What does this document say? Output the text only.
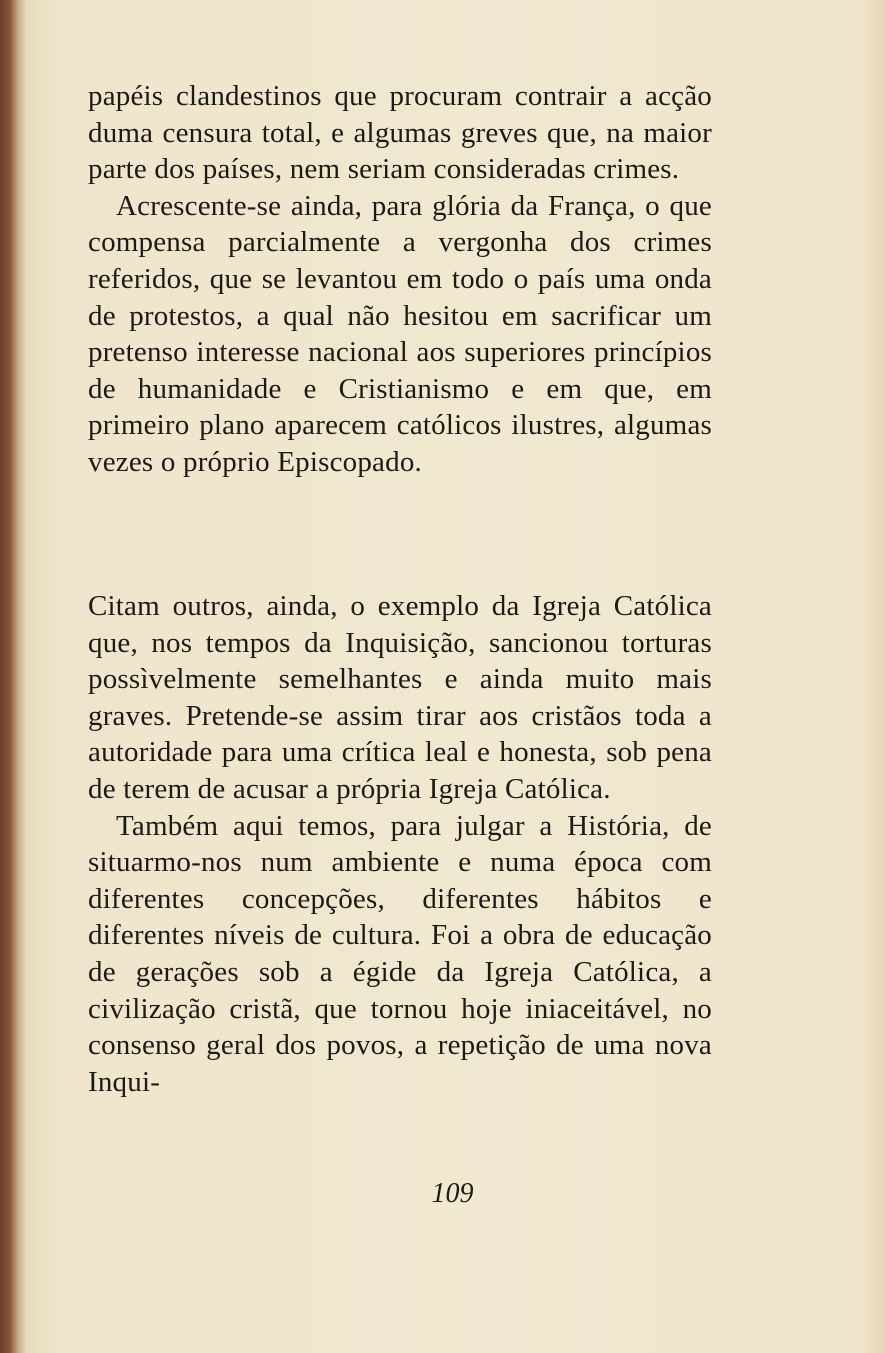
papéis clandestinos que procuram contrair a acção duma censura total, e algumas greves que, na maior parte dos países, nem seriam consideradas crimes.

Acrescente-se ainda, para glória da França, o que compensa parcialmente a vergonha dos crimes referidos, que se levantou em todo o país uma onda de protestos, a qual não hesitou em sacrificar um pretenso interesse nacional aos superiores princípios de humanidade e Cristianismo e em que, em primeiro plano aparecem católicos ilustres, algumas vezes o próprio Episcopado.

Citam outros, ainda, o exemplo da Igreja Católica que, nos tempos da Inquisição, sancionou torturas possìvelmente semelhantes e ainda muito mais graves. Pretende-se assim tirar aos cristãos toda a autoridade para uma crítica leal e honesta, sob pena de terem de acusar a própria Igreja Católica.

Também aqui temos, para julgar a História, de situarmo-nos num ambiente e numa época com diferentes concepções, diferentes hábitos e diferentes níveis de cultura. Foi a obra de educação de gerações sob a égide da Igreja Católica, a civilização cristã, que tornou hoje iniaceitável, no consenso geral dos povos, a repetição de uma nova Inqui-

109
